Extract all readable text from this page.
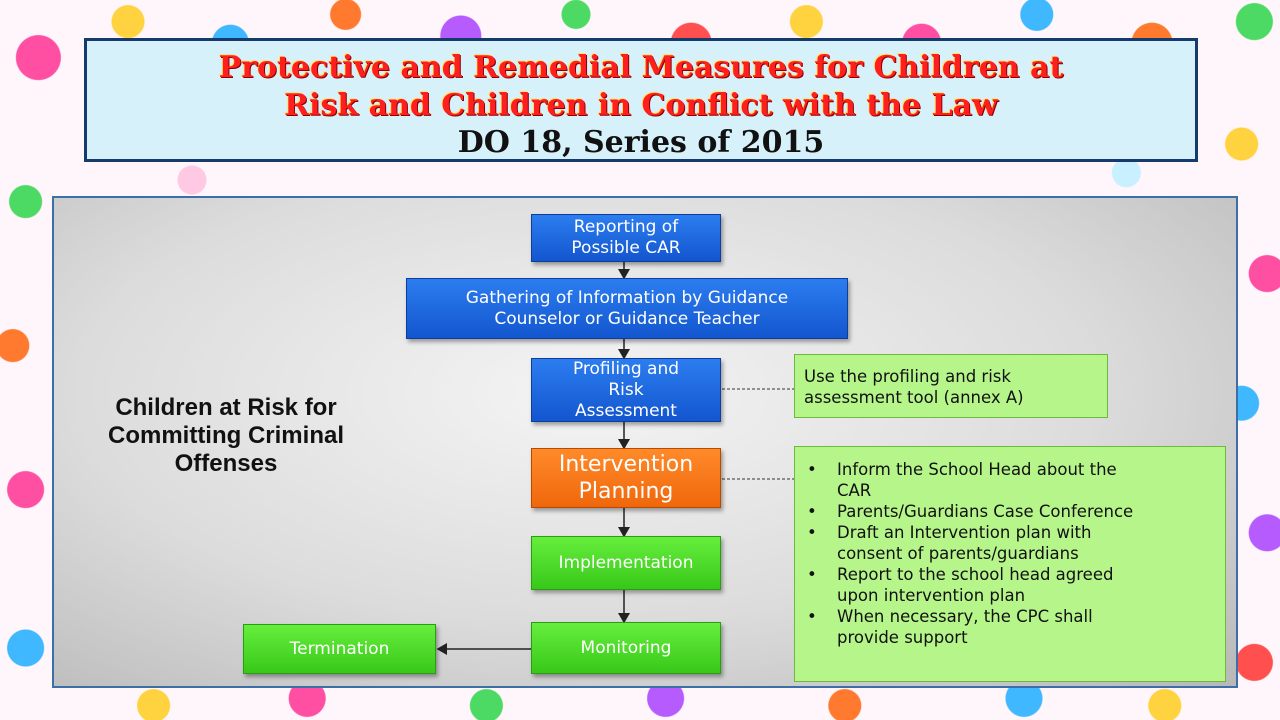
Protective and Remedial Measures for Children at
Risk and Children in Conflict with the Law
DO 18, Series of 2015
Children at Risk for
Committing Criminal
Offenses
Reporting of
Possible CAR
Gathering of Information by Guidance
Counselor or Guidance Teacher
Profiling and
Risk
Assessment
Intervention
Planning
Implementation
Monitoring
Termination
Use the profiling and risk
assessment tool (annex A)
• Inform the School Head about the
CAR
• Parents/Guardians Case Conference
• Draft an Intervention plan with
consent of parents/guardians
• Report to the school head agreed
upon intervention plan
• When necessary, the CPC shall
provide support
